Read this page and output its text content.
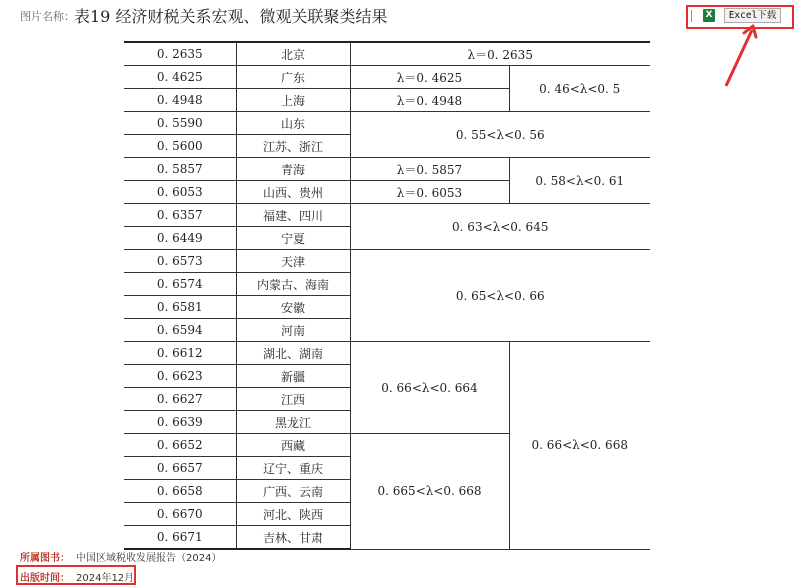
图片名称： 表19 经济财税关系宏观、微观关联聚类结果	X	Excel下载
0. 2635	北京	λ＝0. 2635	
0. 4625	广东	λ＝0. 4625	0. 46<λ<0. 5
0. 4948	上海	λ＝0. 4948	
0. 5590	山东	0. 55<λ<0. 56	
0. 5600	江苏、浙江		
0. 5857	青海	λ＝0. 5857	0. 58<λ<0. 61
0. 6053	山西、贵州	λ＝0. 6053	
0. 6357	福建、四川	0. 63<λ<0. 645	
0. 6449	宁夏		
0. 6573	天津	0. 65<λ<0. 66	
0. 6574	内蒙古、海南		
0. 6581	安徽		
0. 6594	河南		
0. 6612	湖北、湖南	0. 66<λ<0. 664	0. 66<λ<0. 668
0. 6623	新疆		
0. 6627	江西		
0. 6639	黑龙江		
0. 6652	西藏	0. 665<λ<0. 668	
0. 6657	辽宁、重庆		
0. 6658	广西、云南		
0. 6670	河北、陕西		
0. 6671	吉林、甘肃		
所属图书： 中国区域税收发展报告（2024）
出版时间： 2024年12月
